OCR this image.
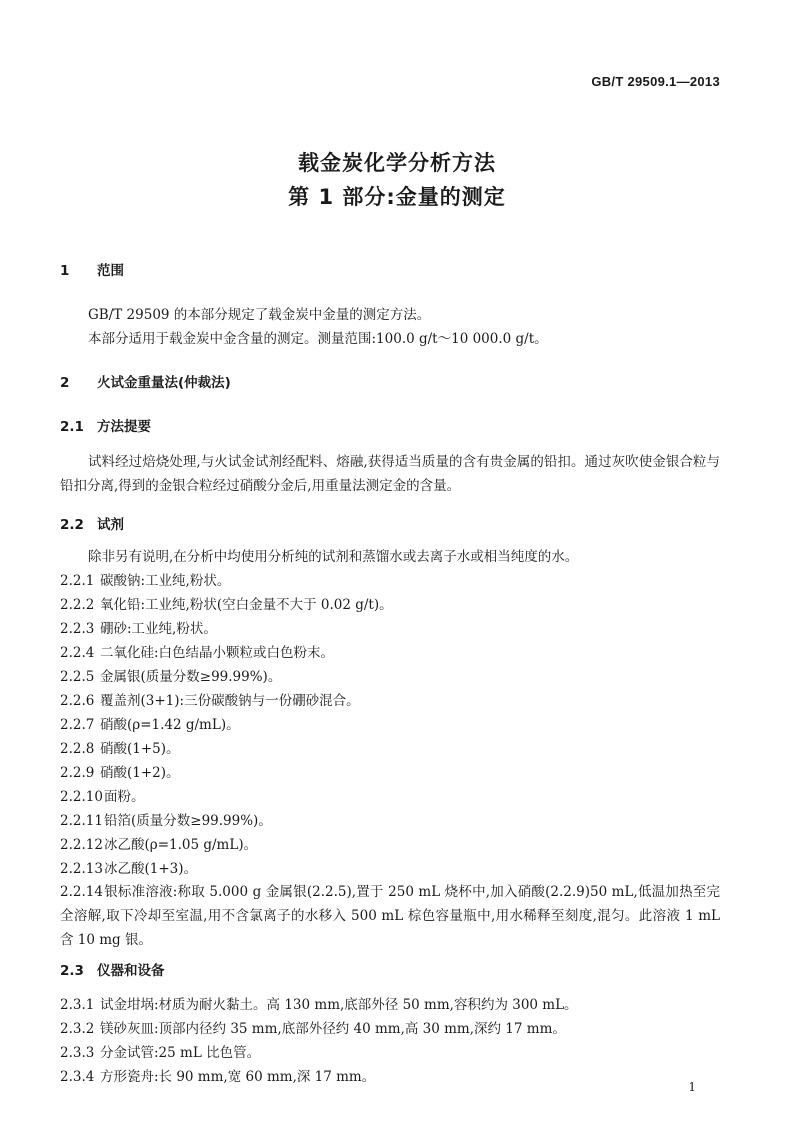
GB/T 29509.1—2013
载金炭化学分析方法
第 1 部分:金量的测定
1 范围
GB/T 29509 的本部分规定了载金炭中金量的测定方法。
本部分适用于载金炭中金含量的测定。测量范围:100.0 g/t～10 000.0 g/t。
2 火试金重量法(仲裁法)
2.1 方法提要
试料经过焙烧处理,与火试金试剂经配料、熔融,获得适当质量的含有贵金属的铅扣。通过灰吹使金银合粒与铅扣分离,得到的金银合粒经过硝酸分金后,用重量法测定金的含量。
2.2 试剂
除非另有说明,在分析中均使用分析纯的试剂和蒸馏水或去离子水或相当纯度的水。
2.2.1 碳酸钠:工业纯,粉状。
2.2.2 氧化铅:工业纯,粉状(空白金量不大于 0.02 g/t)。
2.2.3 硼砂:工业纯,粉状。
2.2.4 二氧化硅:白色结晶小颗粒或白色粉末。
2.2.5 金属银(质量分数≥99.99%)。
2.2.6 覆盖剂(3+1):三份碳酸钠与一份硼砂混合。
2.2.7 硝酸(ρ=1.42 g/mL)。
2.2.8 硝酸(1+5)。
2.2.9 硝酸(1+2)。
2.2.10面粉。
2.2.11铅箔(质量分数≥99.99%)。
2.2.12冰乙酸(ρ=1.05 g/mL)。
2.2.13冰乙酸(1+3)。
2.2.14银标准溶液:称取 5.000 g 金属银(2.2.5),置于 250 mL 烧杯中,加入硝酸(2.2.9)50 mL,低温加热至完全溶解,取下冷却至室温,用不含氯离子的水移入 500 mL 棕色容量瓶中,用水稀释至刻度,混匀。此溶液 1 mL 含 10 mg 银。
2.3 仪器和设备
2.3.1 试金坩埚:材质为耐火黏土。高 130 mm,底部外径 50 mm,容积约为 300 mL。
2.3.2 镁砂灰皿:顶部内径约 35 mm,底部外径约 40 mm,高 30 mm,深约 17 mm。
2.3.3 分金试管:25 mL 比色管。
2.3.4 方形瓷舟:长 90 mm,宽 60 mm,深 17 mm。
1
